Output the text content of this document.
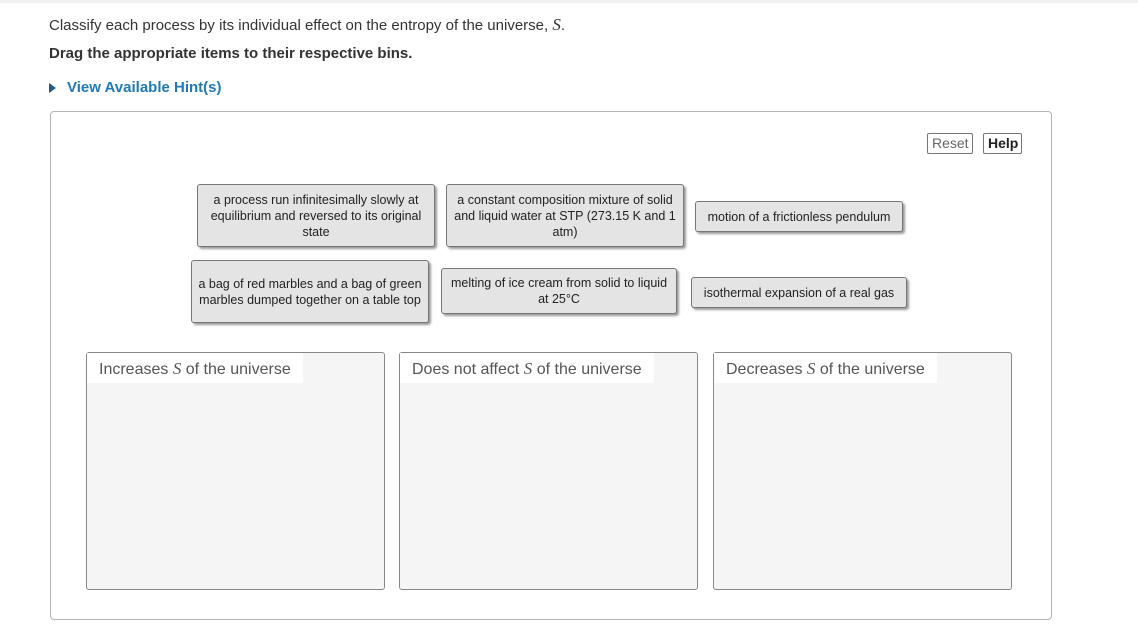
Classify each process by its individual effect on the entropy of the universe, S.
Drag the appropriate items to their respective bins.
View Available Hint(s)
Reset	Help
a process run infinitesimally slowly at equilibrium and reversed to its original state
a constant composition mixture of solid and liquid water at STP (273.15 K and 1 atm)
motion of a frictionless pendulum
a bag of red marbles and a bag of green marbles dumped together on a table top
melting of ice cream from solid to liquid at 25°C	isothermal expansion of a real gas
Increases S of the universe	Does not affect S of the universe	Decreases S of the universe
